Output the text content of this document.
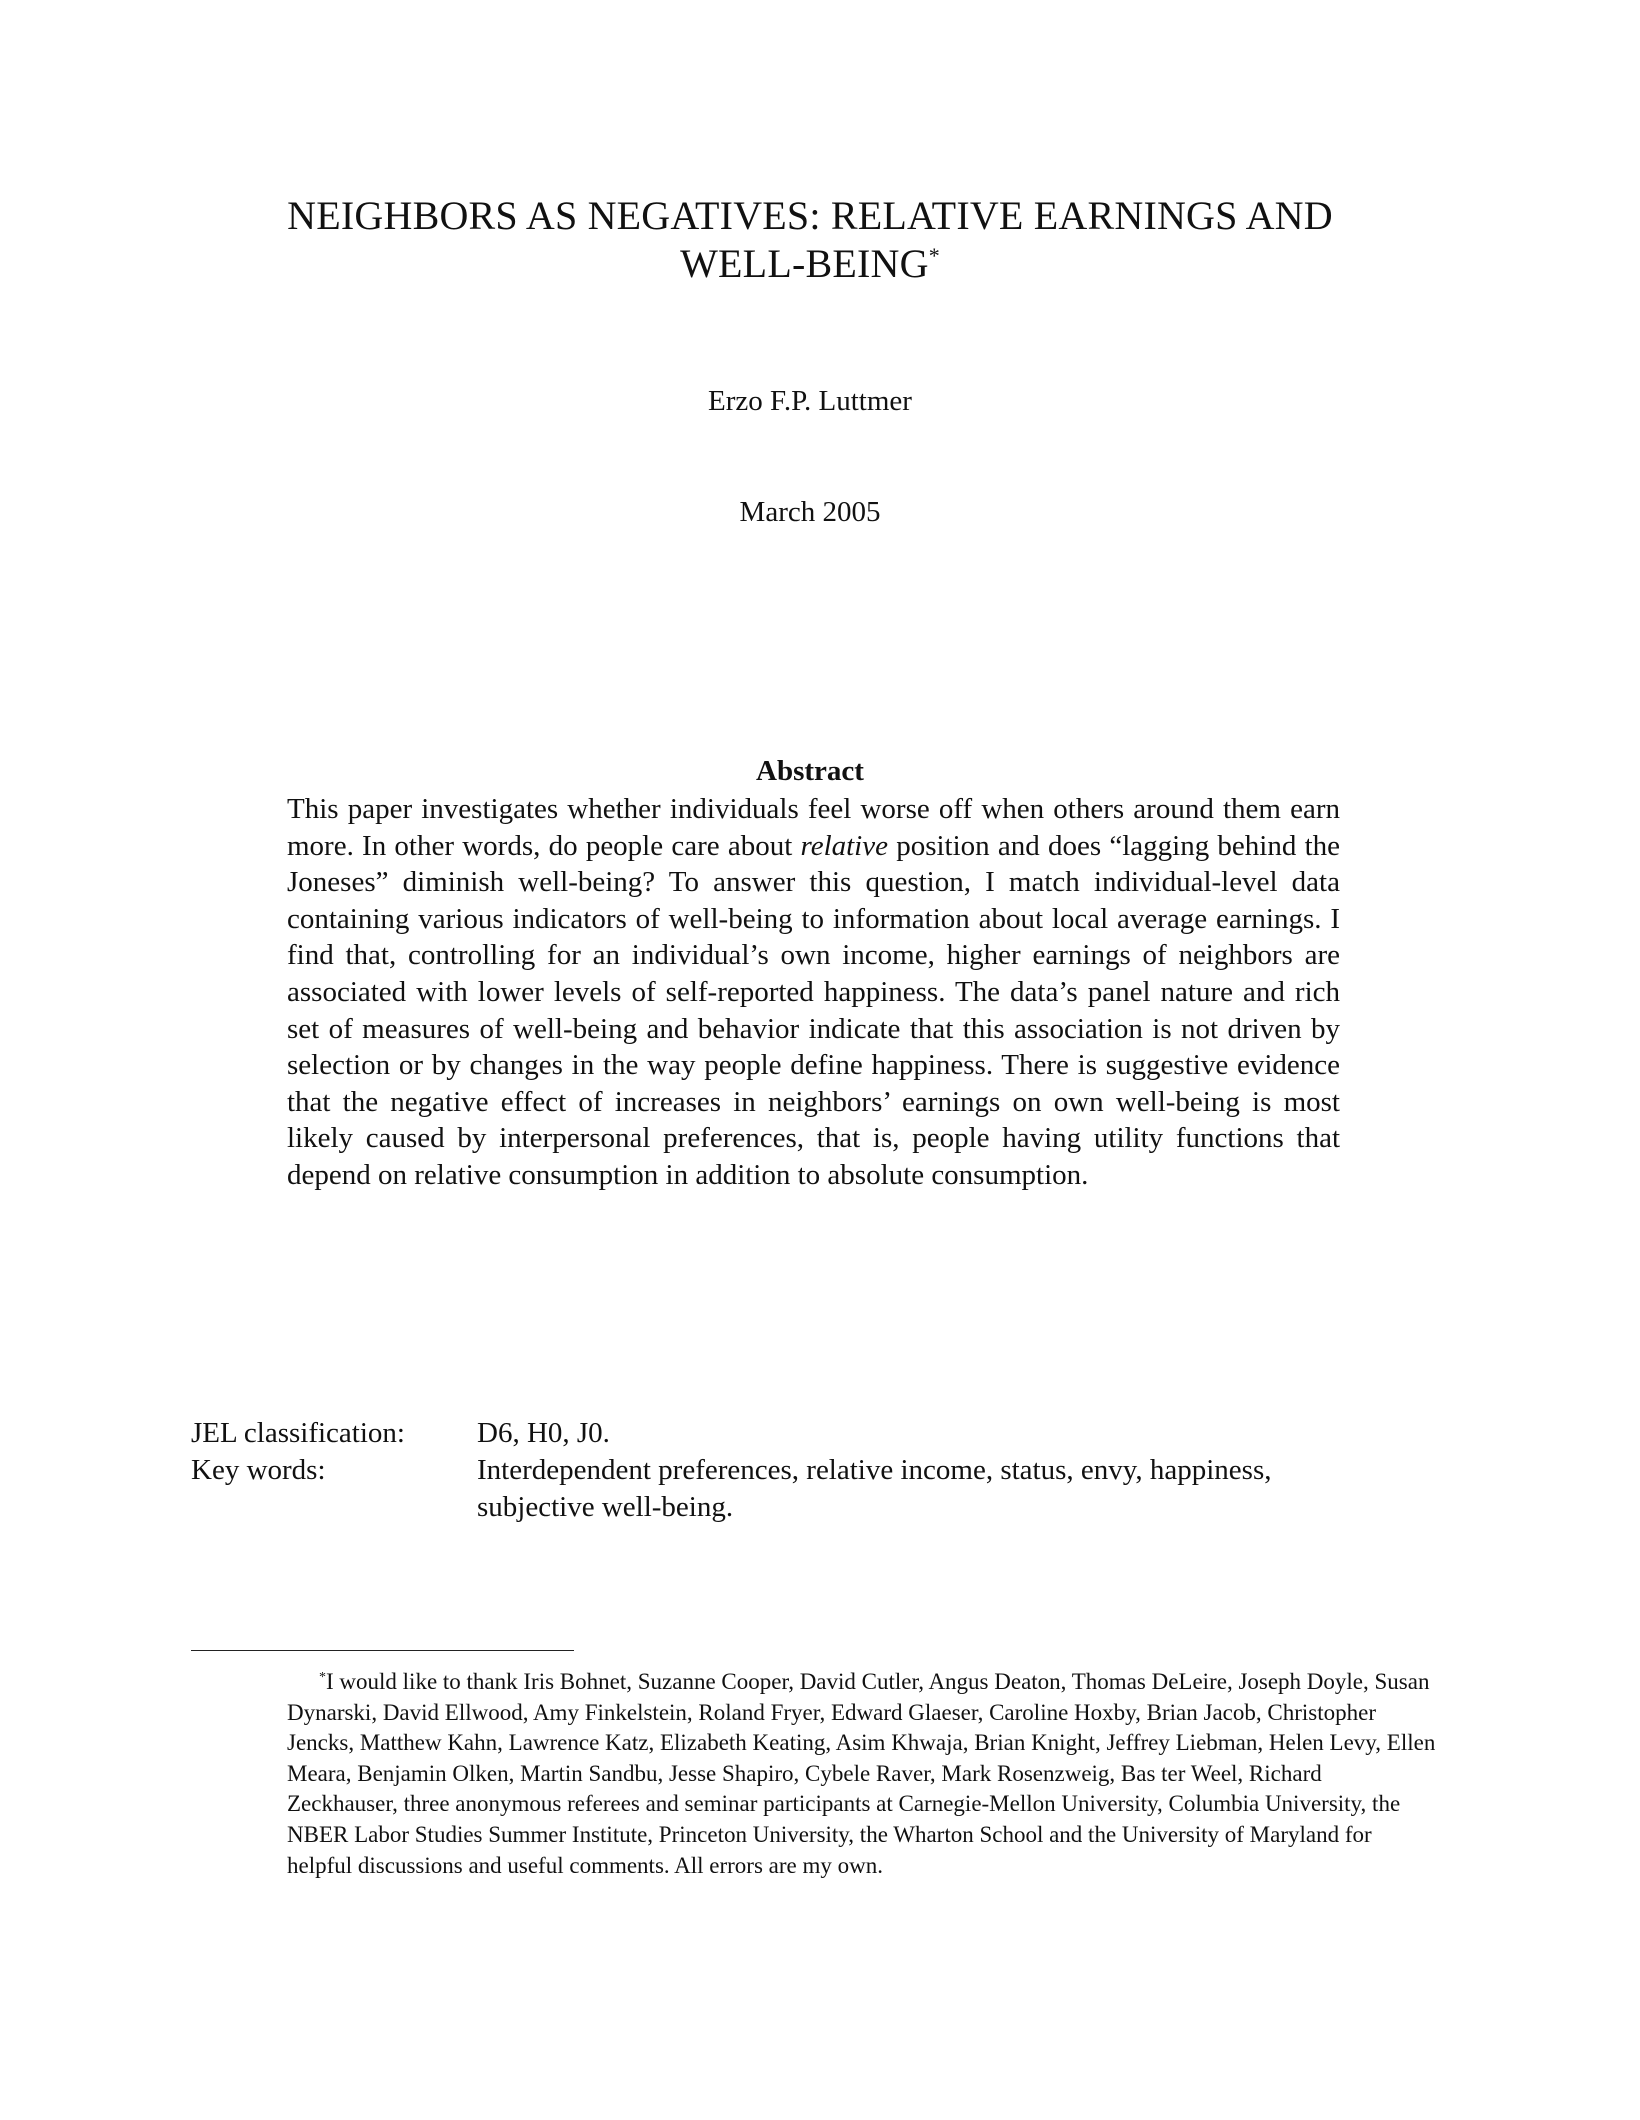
NEIGHBORS AS NEGATIVES: RELATIVE EARNINGS AND
WELL-BEING*
Erzo F.P. Luttmer
March 2005
Abstract
This paper investigates whether individuals feel worse off when others around them earn more. In other words, do people care about relative position and does “lagging behind the Joneses” diminish well-being? To answer this question, I match individual-level data containing various indicators of well-being to information about local average earnings. I find that, controlling for an individual’s own income, higher earnings of neighbors are associated with lower levels of self-reported happiness. The data’s panel nature and rich set of measures of well-being and behavior indicate that this association is not driven by selection or by changes in the way people define happiness. There is suggestive evidence that the negative effect of increases in neighbors’ earnings on own well-being is most likely caused by interpersonal preferences, that is, people having utility functions that depend on relative consumption in addition to absolute consumption.
JEL classification:	D6, H0, J0.
Key words:	Interdependent preferences, relative income, status, envy, happiness, subjective well-being.
*I would like to thank Iris Bohnet, Suzanne Cooper, David Cutler, Angus Deaton, Thomas DeLeire, Joseph Doyle, Susan Dynarski, David Ellwood, Amy Finkelstein, Roland Fryer, Edward Glaeser, Caroline Hoxby, Brian Jacob, Christopher Jencks, Matthew Kahn, Lawrence Katz, Elizabeth Keating, Asim Khwaja, Brian Knight, Jeffrey Liebman, Helen Levy, Ellen Meara, Benjamin Olken, Martin Sandbu, Jesse Shapiro, Cybele Raver, Mark Rosenzweig, Bas ter Weel, Richard Zeckhauser, three anonymous referees and seminar participants at Carnegie-Mellon University, Columbia University, the NBER Labor Studies Summer Institute, Princeton University, the Wharton School and the University of Maryland for helpful discussions and useful comments. All errors are my own.
